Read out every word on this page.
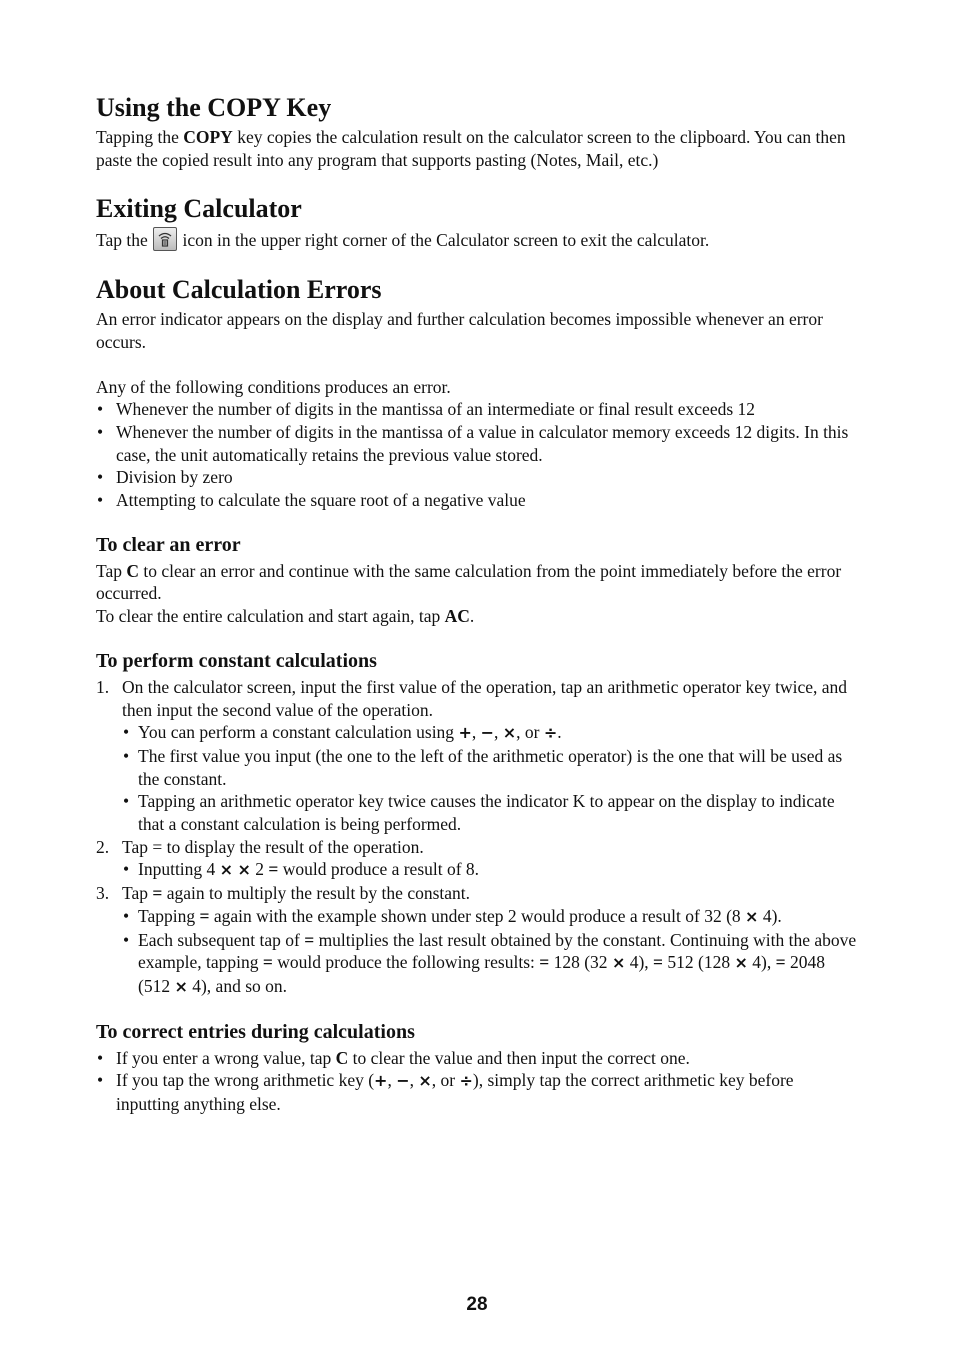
Using the COPY Key

Tapping the COPY key copies the calculation result on the calculator screen to the clipboard. You can then paste the copied result into any program that supports pasting (Notes, Mail, etc.)

Exiting Calculator

Tap the
icon in the upper right corner of the Calculator screen to exit the calculator.

About Calculation Errors

An error indicator appears on the display and further calculation becomes impossible whenever an error occurs.

Any of the following conditions produces an error.

• Whenever the number of digits in the mantissa of an intermediate or final result exceeds 12
• Whenever the number of digits in the mantissa of a value in calculator memory exceeds 12 digits. In this case, the unit automatically retains the previous value stored.
• Division by zero
• Attempting to calculate the square root of a negative value
To clear an error

Tap C to clear an error and continue with the same calculation from the point immediately before the error occurred.

To clear the entire calculation and start again, tap AC.

To perform constant calculations
1. On the calculator screen, input the first value of the operation, tap an arithmetic operator key twice, and then input the second value of the operation.
• You can perform a constant calculation using +, −, ×, or ÷.
• The first value you input (the one to the left of the arithmetic operator) is the one that will be used as the constant.
• Tapping an arithmetic operator key twice causes the indicator K to appear on the display to indicate that a constant calculation is being performed.
2. Tap = to display the result of the operation.
• Inputting 4 × × 2 = would produce a result of 8.
3. Tap = again to multiply the result by the constant.
• Tapping = again with the example shown under step 2 would produce a result of 32 (8 × 4).
• Each subsequent tap of = multiplies the last result obtained by the constant. Continuing with the above example, tapping = would produce the following results: = 128 (32 × 4), = 512 (128 × 4), = 2048 (512 × 4), and so on.
To correct entries during calculations
• If you enter a wrong value, tap C to clear the value and then input the correct one.
• If you tap the wrong arithmetic key (+, −, ×, or ÷), simply tap the correct arithmetic key before inputting anything else.
28
